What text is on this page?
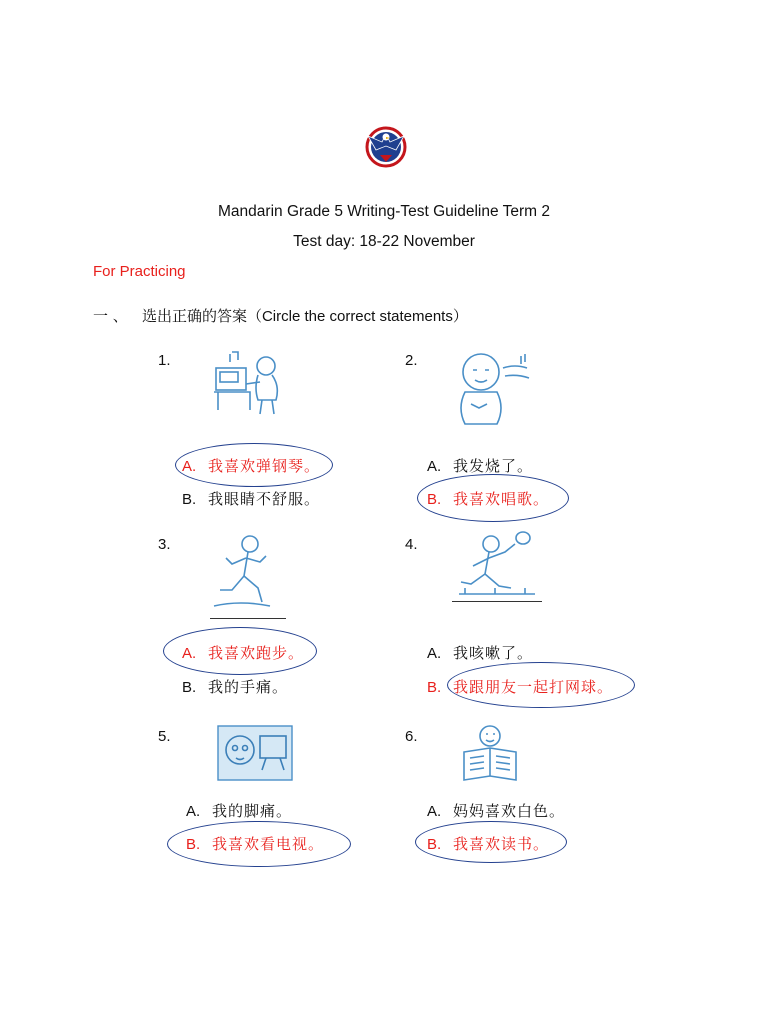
Mandarin Grade 5 Writing-Test Guideline Term 2
Test day: 18-22 November
For Practicing
一 、 选出正确的答案（Circle the correct statements）
1.
A. 我喜欢弹钢琴。
B. 我眼睛不舒服。
2.
A. 我发烧了。
B. 我喜欢唱歌。
3.
A. 我喜欢跑步。
B. 我的手痛。
4.
A. 我咳嗽了。
B. 我跟朋友一起打网球。
5.
A. 我的脚痛。
B. 我喜欢看电视。
6.
A. 妈妈喜欢白色。
B. 我喜欢读书。
